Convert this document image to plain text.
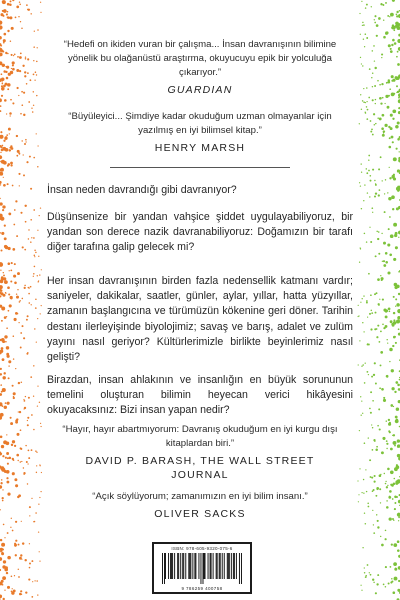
“Hedefi on ikiden vuran bir çalışma... İnsan davranışının bilimine yönelik bu olağanüstü araştırma, okuyucuyu epik bir yolculuğa çıkarıyor.”
GUARDIAN
“Büyüleyici... Şimdiye kadar okuduğum uzman olmayanlar için yazılmış en iyi bilimsel kitap.”
HENRY MARSH
İnsan neden davrandığı gibi davranıyor?
Düşünsenize bir yandan vahşice şiddet uygulayabiliyoruz, bir yandan son derece nazik davranabiliyoruz: Doğamızın bir tarafı diğer tarafına galip gelecek mi?
Her insan davranışının birden fazla nedensellik katmanı vardır; saniyeler, dakikalar, saatler, günler, aylar, yıllar, hatta yüzyıllar, zamanın başlangıcına ve türümüzün kökenine geri döner. Tarihin destanı ilerleyişinde biyolojimiz; savaş ve barış, adalet ve zulüm yayını nasıl geriyor? Kültürlerimizle birlikte beyinlerimiz nasıl gelişti?
Birazdan, insan ahlakının ve insanlığın en büyük sorununun temelini oluşturan bilimin heyecan verici hikâyesini okuyacaksınız: Bizi insan yapan nedir?
“Hayır, hayır abartmıyorum: Davranış okuduğum en iyi kurgu dışı kitaplardan biri.”
DAVID P. BARASH, THE WALL STREET JOURNAL
“Açık söylüyorum; zamanımızın en iyi bilim insanı.”
OLIVER SACKS
ISBN: 978-605-9320-075-6
9 786259 400758
